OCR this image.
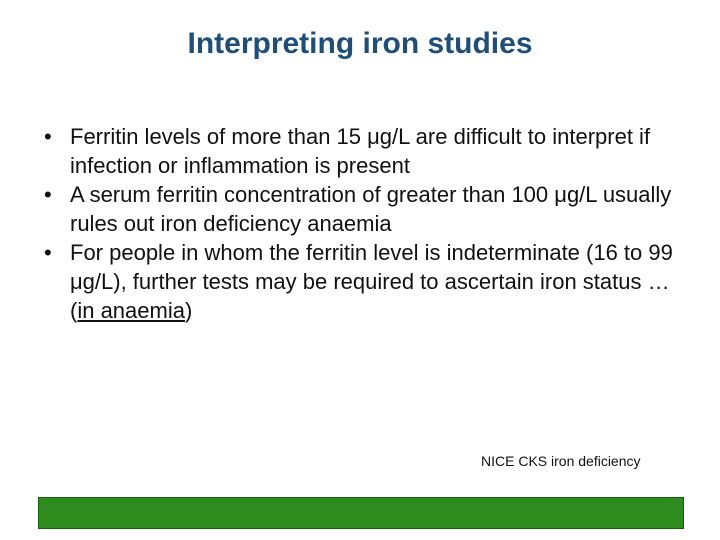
Interpreting iron studies
• Ferritin levels of more than 15 μg/L are difficult to interpret if infection or inflammation is present
• A serum ferritin concentration of greater than 100 μg/L usually rules out iron deficiency anaemia
• For people in whom the ferritin level is indeterminate (16 to 99 μg/L), further tests may be required to ascertain iron status … (in anaemia)
NICE CKS iron deficiency
